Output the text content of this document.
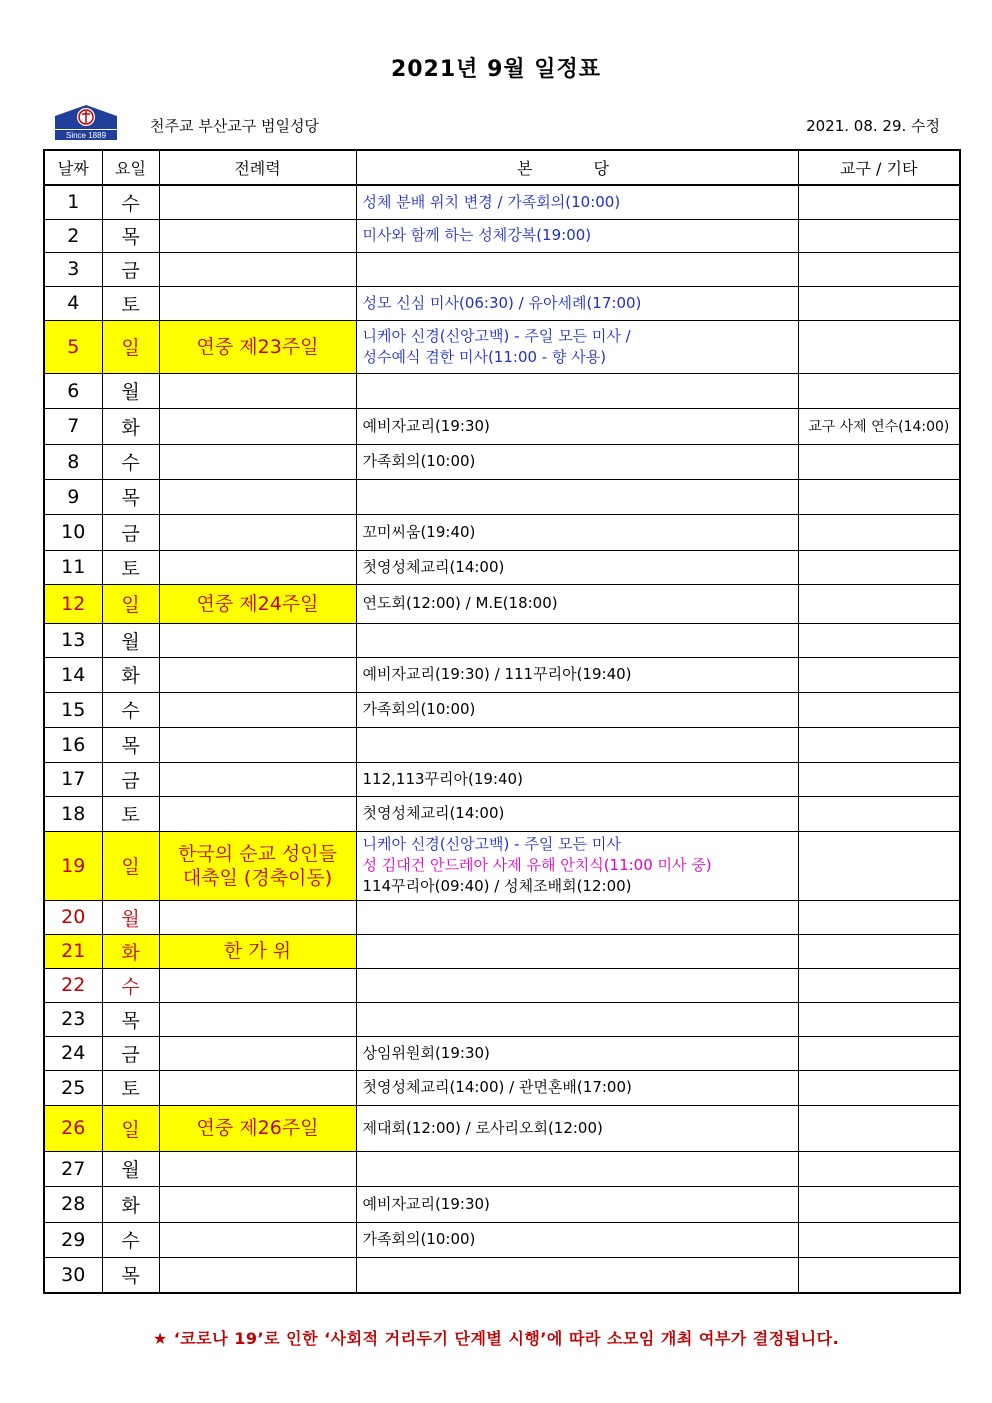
2021년 9월 일정표
Since 1889
천주교 부산교구 범일성당	2021. 08. 29. 수정
날짜	요일	전례력	본 당	교구 / 기타
1	수		성체 분배 위치 변경 / 가족회의(10:00)	

2	목		미사와 함께 하는 성체강복(19:00)	

3	금			
4	토		성모 신심 미사(06:30) / 유아세례(17:00)	

5	일	연중 제23주일	니케아 신경(신앙고백) - 주일 모든 미사 /
성수예식 겸한 미사(11:00 - 향 사용)	

6	월			
7	화		예비자교리(19:30)	교구 사제 연수(14:00)
8	수		가족회의(10:00)	

9	목			
10	금		꼬미씨움(19:40)	

11	토		첫영성체교리(14:00)	

12	일	연중 제24주일	연도회(12:00) / M.E(18:00)	

13	월			
14	화		예비자교리(19:30) / 111꾸리아(19:40)	

15	수		가족회의(10:00)	

16	목			
17	금		112,113꾸리아(19:40)	

18	토		첫영성체교리(14:00)	

19	일	한국의 순교 성인들
대축일 (경축이동)	니케아 신경(신앙고백) - 주일 모든 미사
성 김대건 안드레아 사제 유해 안치식(11:00 미사 중)
114꾸리아(09:40) / 성체조배회(12:00)	

20	월			
21	화	한 가 위		

22	수			
23	목			
24	금		상임위원회(19:30)	

25	토		첫영성체교리(14:00) / 관면혼배(17:00)	

26	일	연중 제26주일	제대회(12:00) / 로사리오회(12:00)	

27	월			
28	화		예비자교리(19:30)	

29	수		가족회의(10:00)	

30	목			
★ ‘코로나 19’로 인한 ‘사회적 거리두기 단계별 시행’에 따라 소모임 개최 여부가 결정됩니다.
